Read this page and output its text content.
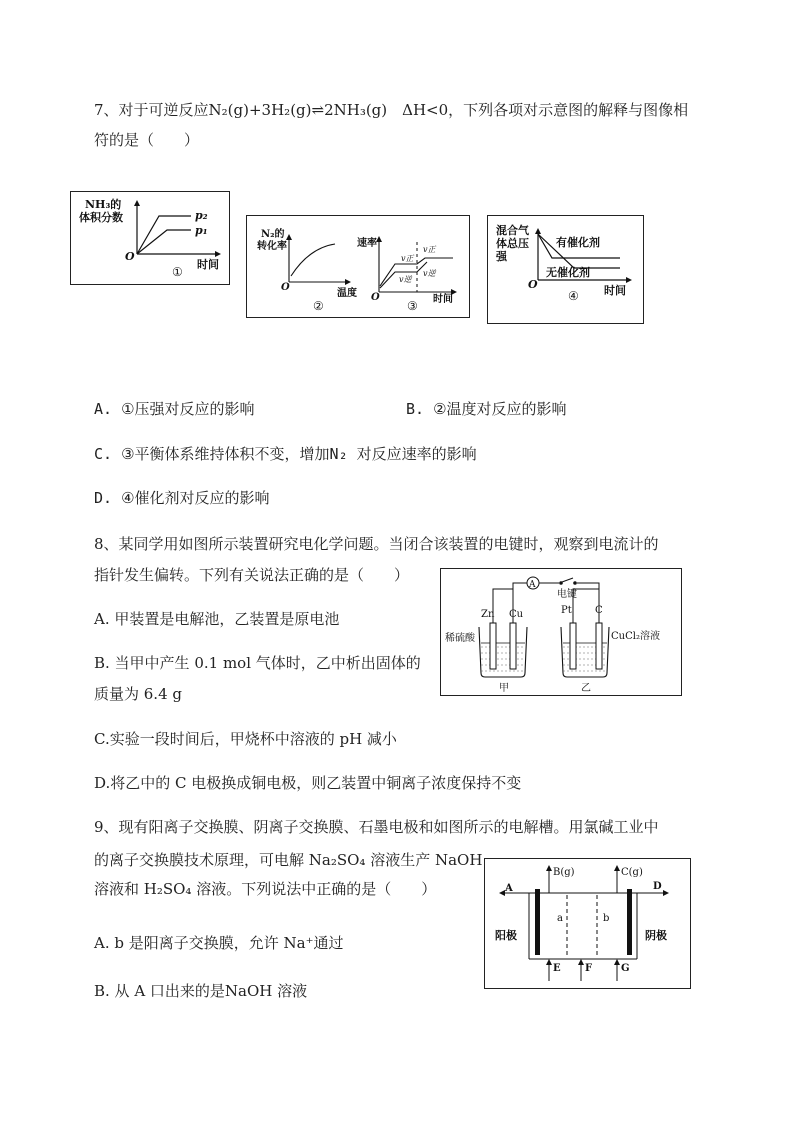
7、对于可逆反应N₂(g)+3H₂(g)⇌2NH₃(g)　ΔH<0，下列各项对示意图的解释与图像相
符的是（　　）
NH₃的
体积分数	p₂
p₁
O
时间
①
N₂的
转化率
O
温度
②
速率
v正
v正
v逆
v逆
O	时间
③
混合气
体总压
强
有催化剂
无催化剂
O	时间
④
A. ①压强对反应的影响	B. ②温度对反应的影响
C. ③平衡体系维持体积不变，增加N₂ 对反应速率的影响
D. ④催化剂对反应的影响
8、某同学用如图所示装置研究电化学问题。当闭合该装置的电键时，观察到电流计的
指针发生偏转。下列有关说法正确的是（　　）
A. 甲装置是电解池，乙装置是原电池
B. 当甲中产生 0.1 mol 气体时，乙中析出固体的
质量为 6.4 g
C.实验一段时间后，甲烧杯中溶液的 pH 减小
D.将乙中的 C 电极换成铜电极，则乙装置中铜离子浓度保持不变
A
电键
Zn Cu
稀硫酸
甲
Pt C
CuCl₂溶液
乙
9、现有阳离子交换膜、阴离子交换膜、石墨电极和如图所示的电解槽。用氯碱工业中
的离子交换膜技术原理，可电解 Na₂SO₄ 溶液生产 NaOH
溶液和 H₂SO₄ 溶液。下列说法中正确的是（　　）
A. b 是阳离子交换膜，允许 Na⁺通过
B. 从 A 口出来的是NaOH 溶液
B(g)	C(g)
A	D
a	b
阳极	阴极
E F	G
